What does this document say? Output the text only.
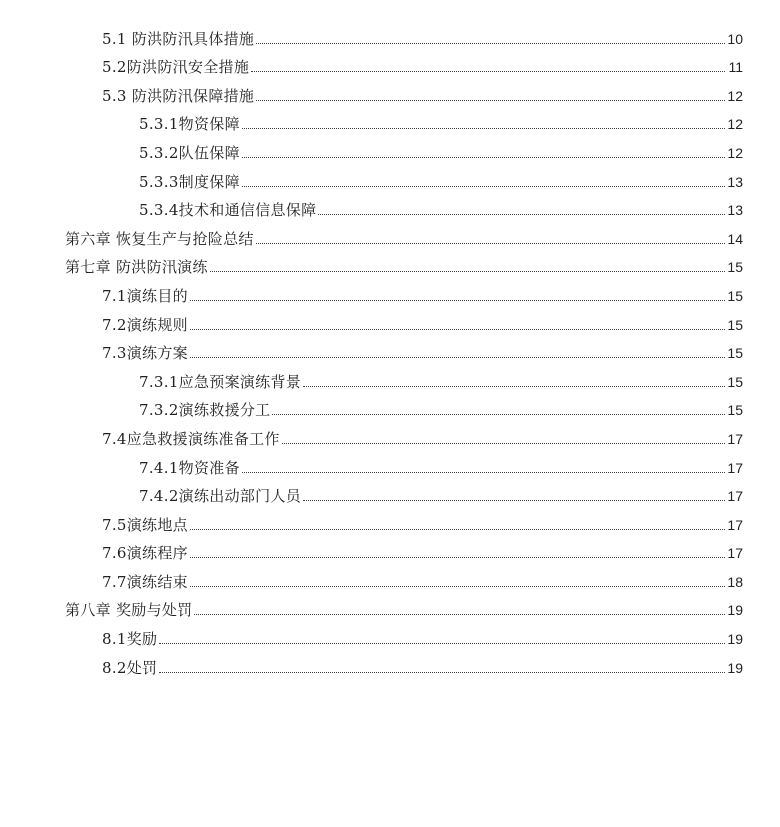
5.1 防洪防汛具体措施	10
5.2防洪防汛安全措施	11
5.3 防洪防汛保障措施	12
5.3.1物资保障	12
5.3.2队伍保障	12
5.3.3制度保障	13
5.3.4技术和通信信息保障	13
第六章 恢复生产与抢险总结	14
第七章 防洪防汛演练	15
7.1演练目的	15
7.2演练规则	15
7.3演练方案	15
7.3.1应急预案演练背景	15
7.3.2演练救援分工	15
7.4应急救援演练准备工作	17
7.4.1物资准备	17
7.4.2演练出动部门人员	17
7.5演练地点	17
7.6演练程序	17
7.7演练结束	18
第八章 奖励与处罚	19
8.1奖励	19
8.2处罚	19
